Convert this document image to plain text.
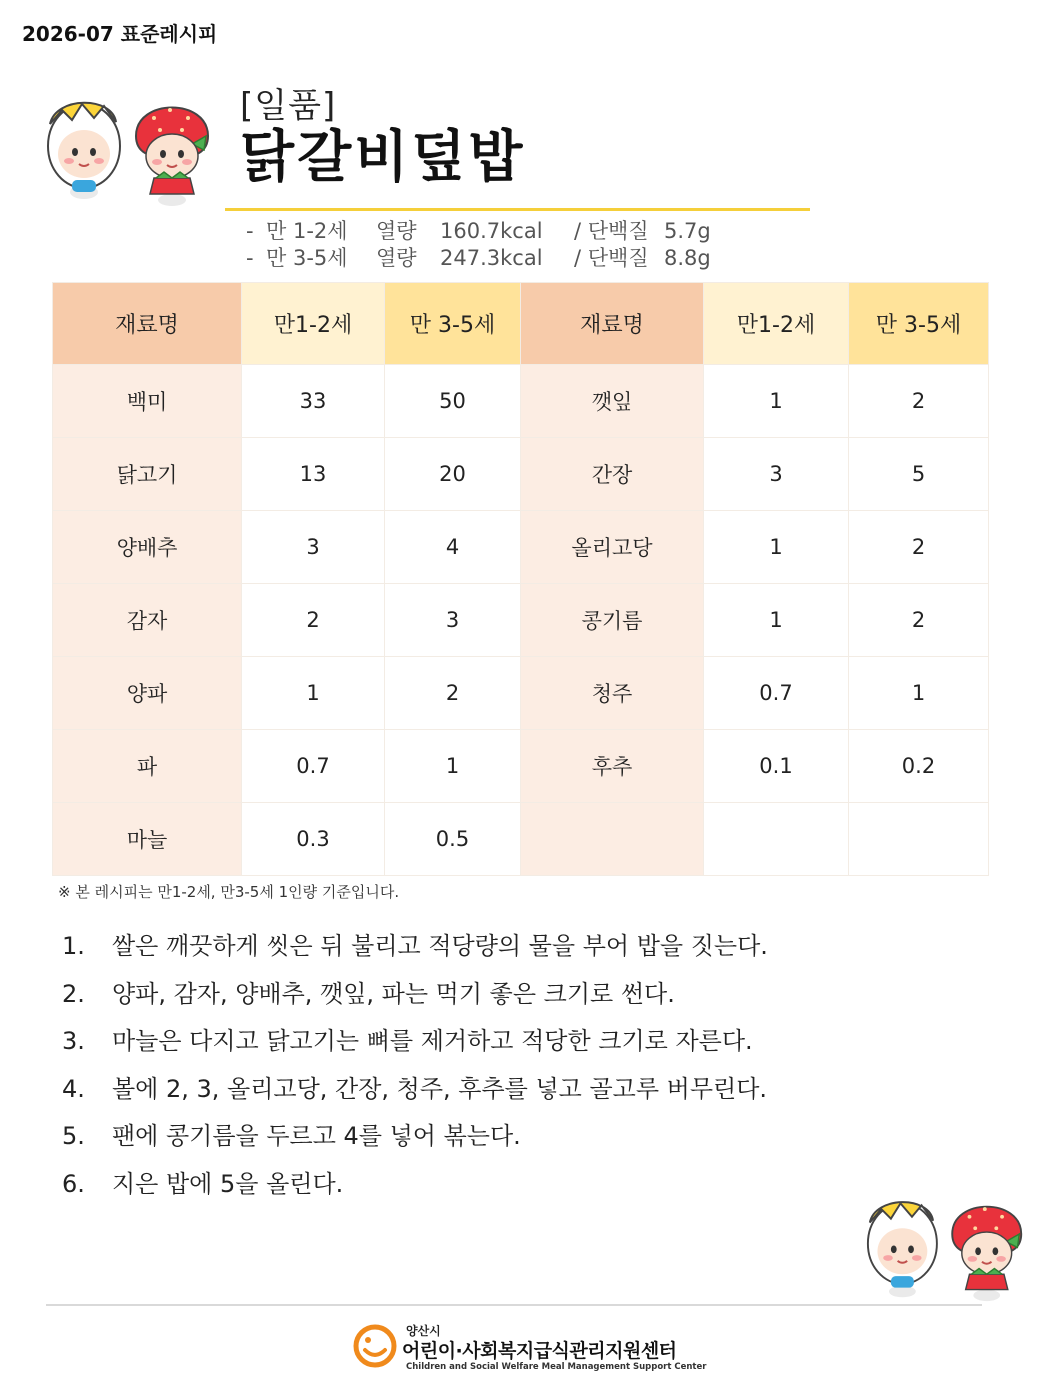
2026-07 표준레시피
[일품]
닭갈비덮밥
- 만 1-2세 열량 160.7kcal / 단백질 5.7g
- 만 3-5세 열량 247.3kcal / 단백질 8.8g
재료명	만1-2세	만 3-5세	재료명	만1-2세	만 3-5세
백미	33	50	깻잎	1	2
닭고기	13	20	간장	3	5
양배추	3	4	올리고당	1	2
감자	2	3	콩기름	1	2
양파	1	2	청주	0.7	1
파	0.7	1	후추	0.1	0.2
마늘	0.3	0.5			
※ 본 레시피는 만1-2세, 만3-5세 1인량 기준입니다.
1.	쌀은 깨끗하게 씻은 뒤 불리고 적당량의 물을 부어 밥을 짓는다.
2.	양파, 감자, 양배추, 깻잎, 파는 먹기 좋은 크기로 썬다.
3.	마늘은 다지고 닭고기는 뼈를 제거하고 적당한 크기로 자른다.
4.	볼에 2, 3, 올리고당, 간장, 청주, 후추를 넣고 골고루 버무린다.
5.	팬에 콩기름을 두르고 4를 넣어 볶는다.
6.	지은 밥에 5을 올린다.
양산시
어린이·사회복지급식관리지원센터
Children and Social Welfare Meal Management Support Center
